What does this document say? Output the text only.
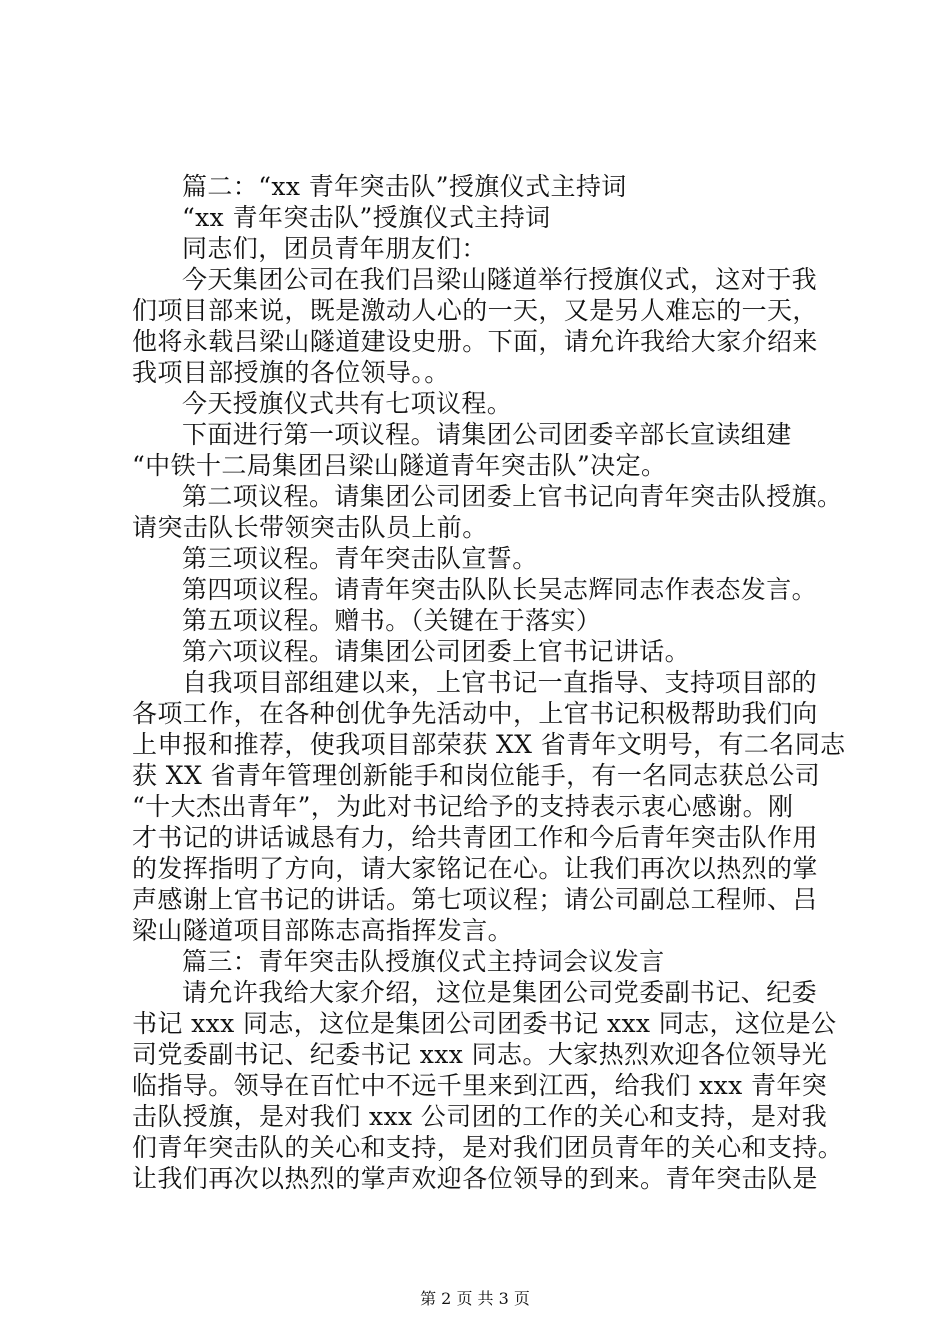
篇二：“xx 青年突击队”授旗仪式主持词
“xx 青年突击队”授旗仪式主持词
同志们，团员青年朋友们：
今天集团公司在我们吕梁山隧道举行授旗仪式，这对于我
们项目部来说，既是激动人心的一天，又是另人难忘的一天，
他将永载吕梁山隧道建设史册。下面，请允许我给大家介绍来
我项目部授旗的各位领导。。
今天授旗仪式共有七项议程。
下面进行第一项议程。请集团公司团委辛部长宣读组建
“中铁十二局集团吕梁山隧道青年突击队”决定。
第二项议程。请集团公司团委上官书记向青年突击队授旗。
请突击队长带领突击队员上前。
第三项议程。青年突击队宣誓。
第四项议程。请青年突击队队长吴志辉同志作表态发言。
第五项议程。赠书。（关键在于落实）
第六项议程。请集团公司团委上官书记讲话。
自我项目部组建以来，上官书记一直指导、支持项目部的
各项工作，在各种创优争先活动中，上官书记积极帮助我们向
上申报和推荐，使我项目部荣获 XX 省青年文明号，有二名同志
获 XX 省青年管理创新能手和岗位能手，有一名同志获总公司
“十大杰出青年”，为此对书记给予的支持表示衷心感谢。刚
才书记的讲话诚恳有力，给共青团工作和今后青年突击队作用
的发挥指明了方向，请大家铭记在心。让我们再次以热烈的掌
声感谢上官书记的讲话。第七项议程；请公司副总工程师、吕
梁山隧道项目部陈志高指挥发言。
篇三：青年突击队授旗仪式主持词会议发言
请允许我给大家介绍，这位是集团公司党委副书记、纪委
书记 xxx 同志，这位是集团公司团委书记 xxx 同志，这位是公
司党委副书记、纪委书记 xxx 同志。大家热烈欢迎各位领导光
临指导。领导在百忙中不远千里来到江西，给我们 xxx 青年突
击队授旗，是对我们 xxx 公司团的工作的关心和支持，是对我
们青年突击队的关心和支持，是对我们团员青年的关心和支持。
让我们再次以热烈的掌声欢迎各位领导的到来。青年突击队是
第 2 页 共 3 页
